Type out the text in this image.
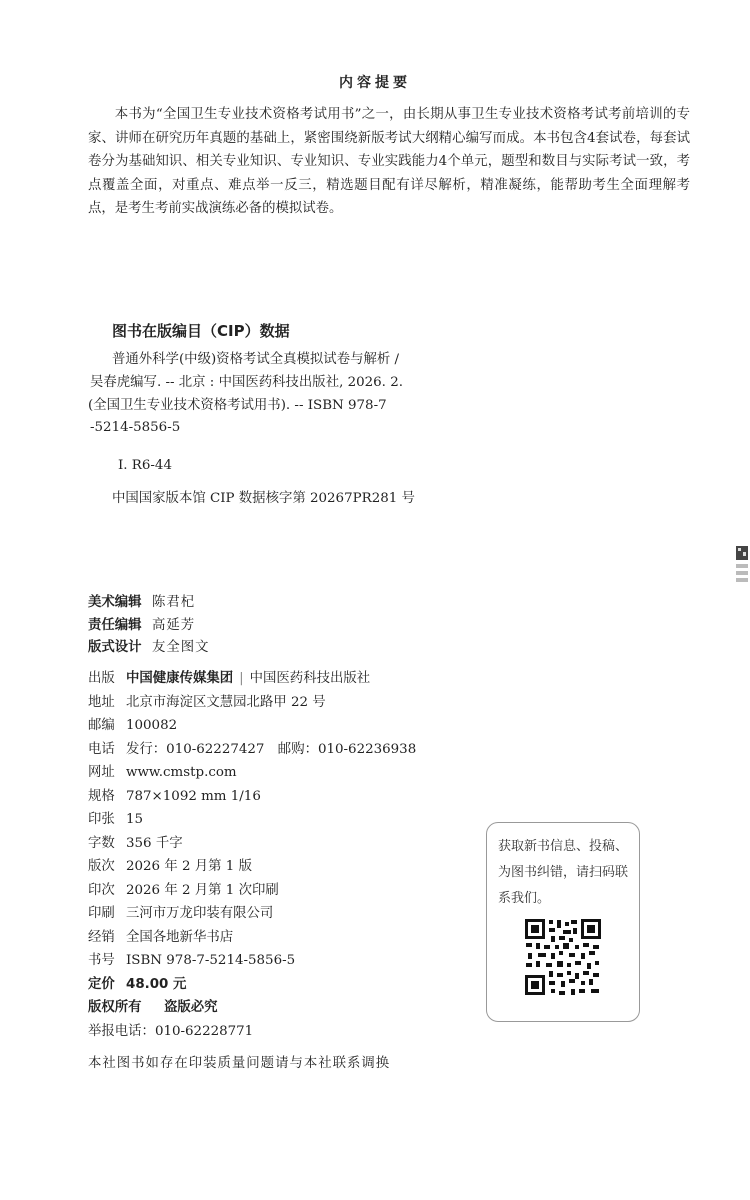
内容提要
本书为“全国卫生专业技术资格考试用书”之一，由长期从事卫生专业技术资格考试考前培训的专家、讲师在研究历年真题的基础上，紧密围绕新版考试大纲精心编写而成。本书包含4套试卷，每套试卷分为基础知识、相关专业知识、专业知识、专业实践能力4个单元，题型和数目与实际考试一致，考点覆盖全面，对重点、难点举一反三，精选题目配有详尽解析，精准凝练，能帮助考生全面理解考点，是考生考前实战演练必备的模拟试卷。
图书在版编目（CIP）数据
普通外科学(中级)资格考试全真模拟试卷与解析 /
吴春虎编写. -- 北京 : 中国医药科技出版社, 2026. 2.
(全国卫生专业技术资格考试用书). -- ISBN 978-7
-5214-5856-5
Ⅰ. R6-44
中国国家版本馆 CIP 数据核字第 20267PR281 号
美术编辑 陈君杞
责任编辑 高延芳
版式设计 友全图文
出版 中国健康传媒集团 | 中国医药科技出版社
地址 北京市海淀区文慧园北路甲 22 号
邮编 100082
电话 发行：010-62227427　邮购：010-62236938
网址 www.cmstp.com
规格 787×1092 mm 1/16
印张 15
字数 356 千字
版次 2026 年 2 月第 1 版
印次 2026 年 2 月第 1 次印刷
印刷 三河市万龙印装有限公司
经销 全国各地新华书店
书号 ISBN 978-7-5214-5856-5
定价 48.00 元
版权所有 盗版必究
举报电话：010-62228771
本社图书如存在印装质量问题请与本社联系调换
获取新书信息、投稿、为图书纠错，请扫码联系我们。
